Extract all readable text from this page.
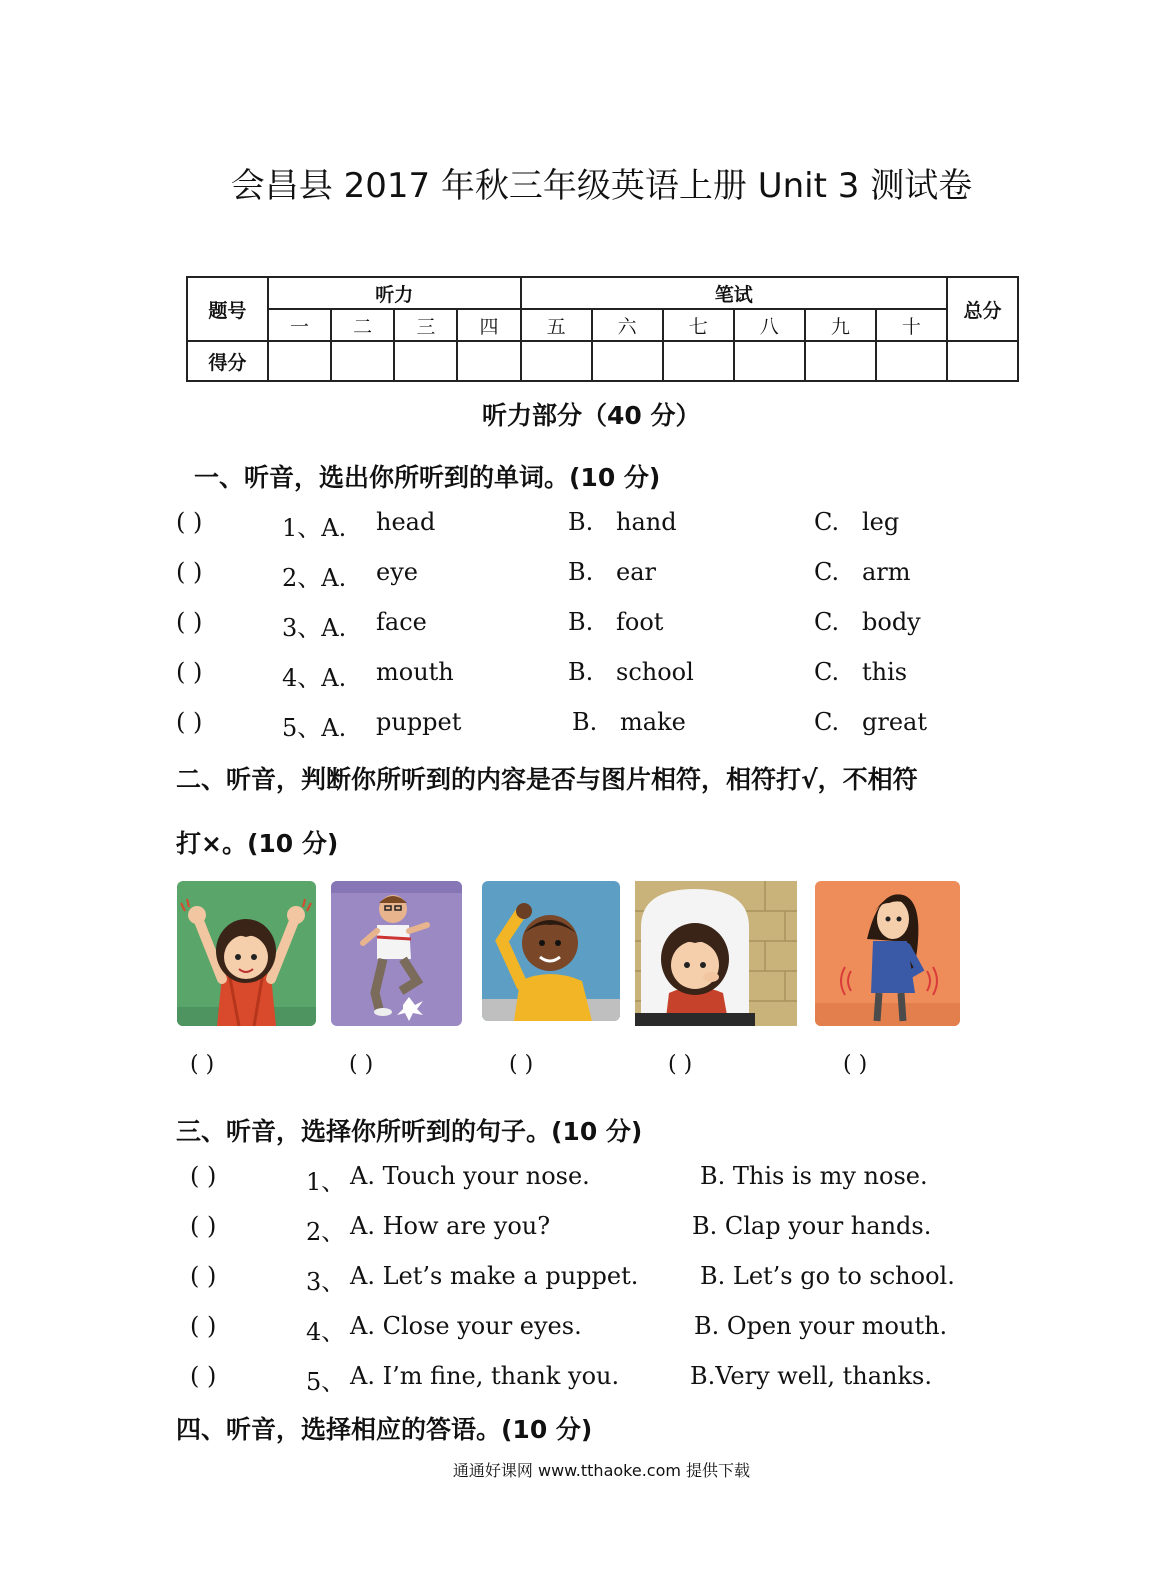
会昌县 2017 年秋三年级英语上册 Unit 3 测试卷
题号	听力				笔试						总分
	一	二	三	四	五	六	七	八	九	十	
得分											
听力部分（40 分）
一、听音，选出你所听到的单词。(10 分)
( )	1、A. head	B. hand	C. leg
( )	2、A. eye	B. ear	C. arm
( )	3、A. face	B. foot	C. body
( )	4、A. mouth	B. school	C. this
( )	5、A. puppet	B. make	C. great
二、听音，判断你所听到的内容是否与图片相符，相符打√，不相符
打×。(10 分)
( )	( )	( )	( )	( )
三、听音，选择你所听到的句子。(10 分)
( )	1、 A. Touch your nose.	B. This is my nose.
( )	2、 A. How are you?	B. Clap your hands.
( )	3、 A. Let’s make a puppet.	B. Let’s go to school.
( )	4、 A. Close your eyes.	B. Open your mouth.
( )	5、 A. I’m fine, thank you.	B.Very well, thanks.
四、听音，选择相应的答语。(10 分)
通通好课网 www.tthaoke.com 提供下载
